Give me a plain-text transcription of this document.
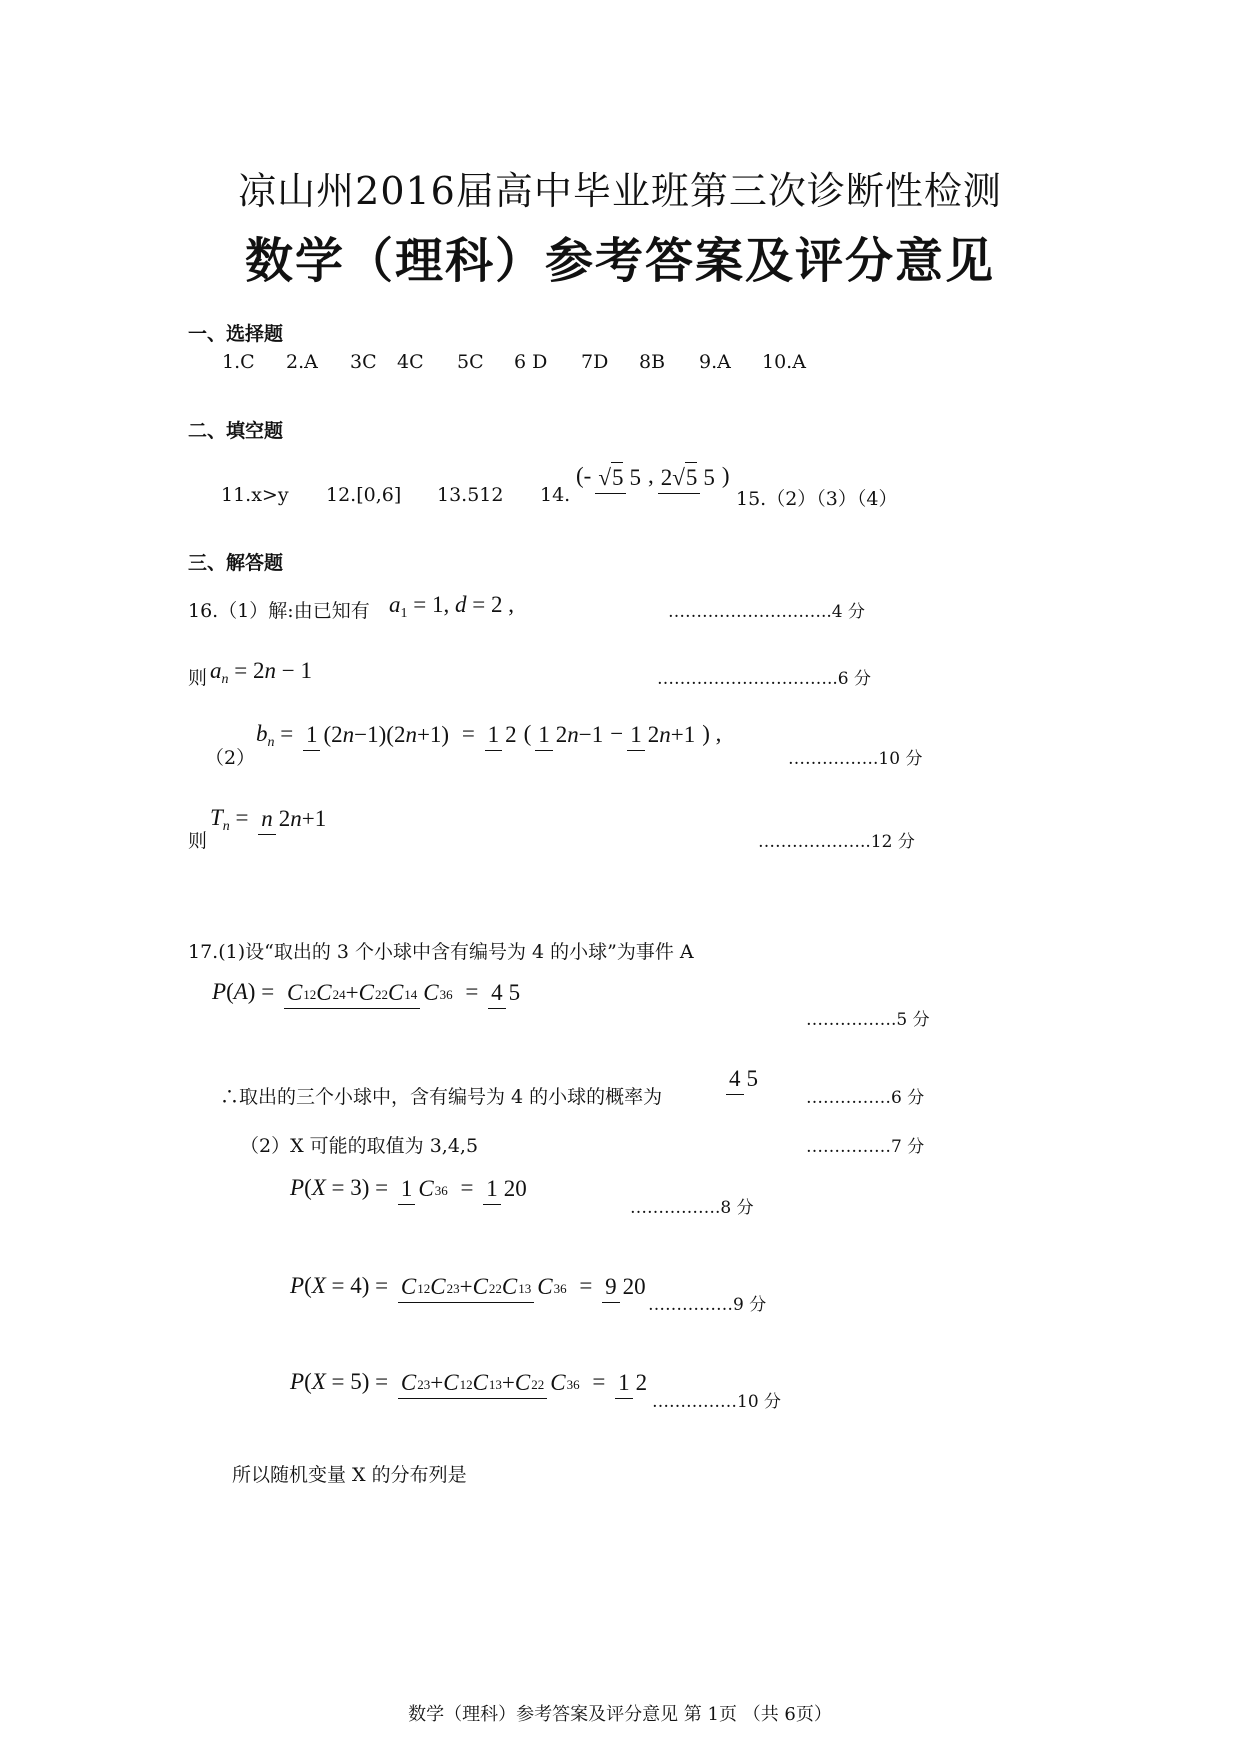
凉山州2016届高中毕业班第三次诊断性检测
数学（理科）参考答案及评分意见
一、选择题
1.C 2.A 3C 4C 5C 6 D 7D 8B 9.A 10.A
二、填空题
11.x>y 12.[0,6] 13.512 14.
(- √5 5 , 2√5 5 )
15.（2）（3）（4）
三、解答题
16.（1）解:由已知有 $a_1 = 1$, d = 2 ,	………………………..4 分
则 $a_n = 2n - 1$	…………………………..6 分
（2）
bn = 1 (2n−1)(2n+1) = 1 2 ( 1 2n−1 − 1 2n+1 ) ,
…………….10 分
则
Tn = n 2n+1
………………..12 分
17.(1)设“取出的 3 个小球中含有编号为 4 的小球”为事件 A
P(A) = C12C24+C22C14 C36 = 4 5
…………….5 分
∴取出的三个小球中，含有编号为 4 的小球的概率为
4 5
……………6 分
（2）X 可能的取值为 3,4,5	……………7 分
P(X = 3) = 1 C36 = 1 20
…………….8 分
P(X = 4) = C12C23+C22C13 C36 = 9 20
……………9 分
P(X = 5) = C23+C12C13+C22 C36 = 1 2
……………10 分
所以随机变量 X 的分布列是
数学（理科）参考答案及评分意见 第 1页 （共 6页）
